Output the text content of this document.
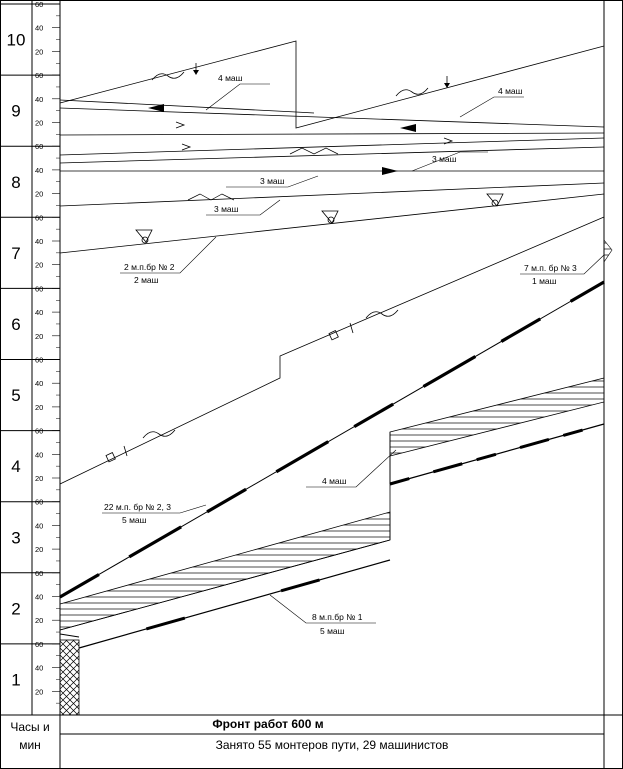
Часы и
мин
Фронт работ 600 м
Занято 55 монтеров пути, 29 машинистов
4 маш
4 маш
3 маш
3 маш
3 маш
2 м.п.бр № 2
2 маш
7 м.п. бр № 3
1 маш
22 м.п. бр № 2, 3
5 маш
4 маш
8 м.п.бр № 1
5 маш
1
20
40
60
2
20
40
60
3
20
40
60
4
20
40
60
5
20
40
60
6
20
40
60
7
20
40
60
8
20
40
60
9
20
40
60
10
20
40
60
